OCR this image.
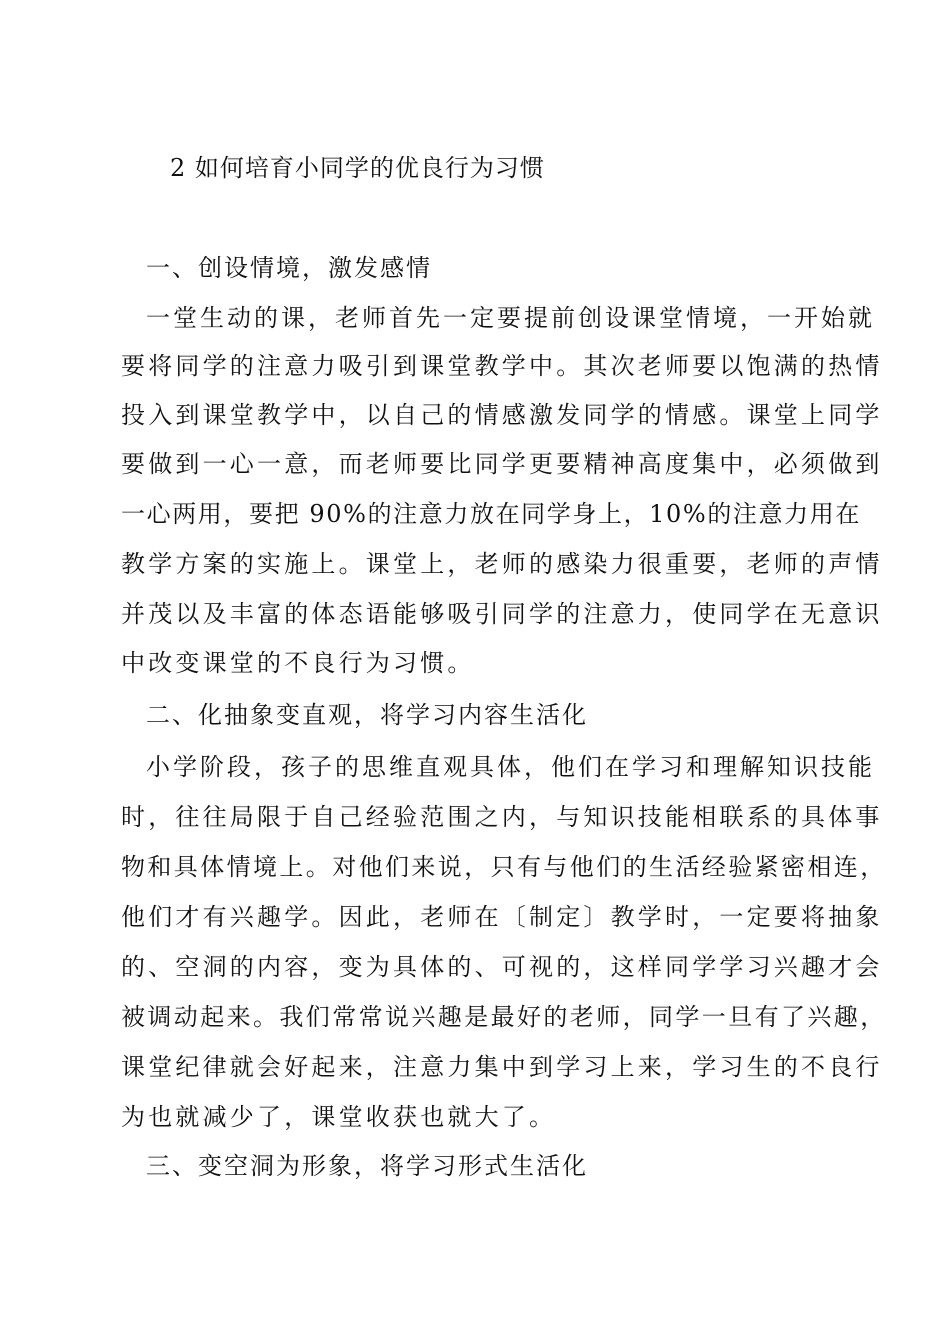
2 如何培育小同学的优良行为习惯
一、创设情境，激发感情
一堂生动的课，老师首先一定要提前创设课堂情境，一开始就
要将同学的注意力吸引到课堂教学中。其次老师要以饱满的热情
投入到课堂教学中，以自己的情感激发同学的情感。课堂上同学
要做到一心一意，而老师要比同学更要精神高度集中，必须做到
一心两用，要把 90%的注意力放在同学身上，10%的注意力用在
教学方案的实施上。课堂上，老师的感染力很重要，老师的声情
并茂以及丰富的体态语能够吸引同学的注意力，使同学在无意识
中改变课堂的不良行为习惯。
二、化抽象变直观，将学习内容生活化
小学阶段，孩子的思维直观具体，他们在学习和理解知识技能
时，往往局限于自己经验范围之内，与知识技能相联系的具体事
物和具体情境上。对他们来说，只有与他们的生活经验紧密相连，
他们才有兴趣学。因此，老师在〔制定〕教学时，一定要将抽象
的、空洞的内容，变为具体的、可视的，这样同学学习兴趣才会
被调动起来。我们常常说兴趣是最好的老师，同学一旦有了兴趣，
课堂纪律就会好起来，注意力集中到学习上来，学习生的不良行
为也就减少了，课堂收获也就大了。
三、变空洞为形象，将学习形式生活化
